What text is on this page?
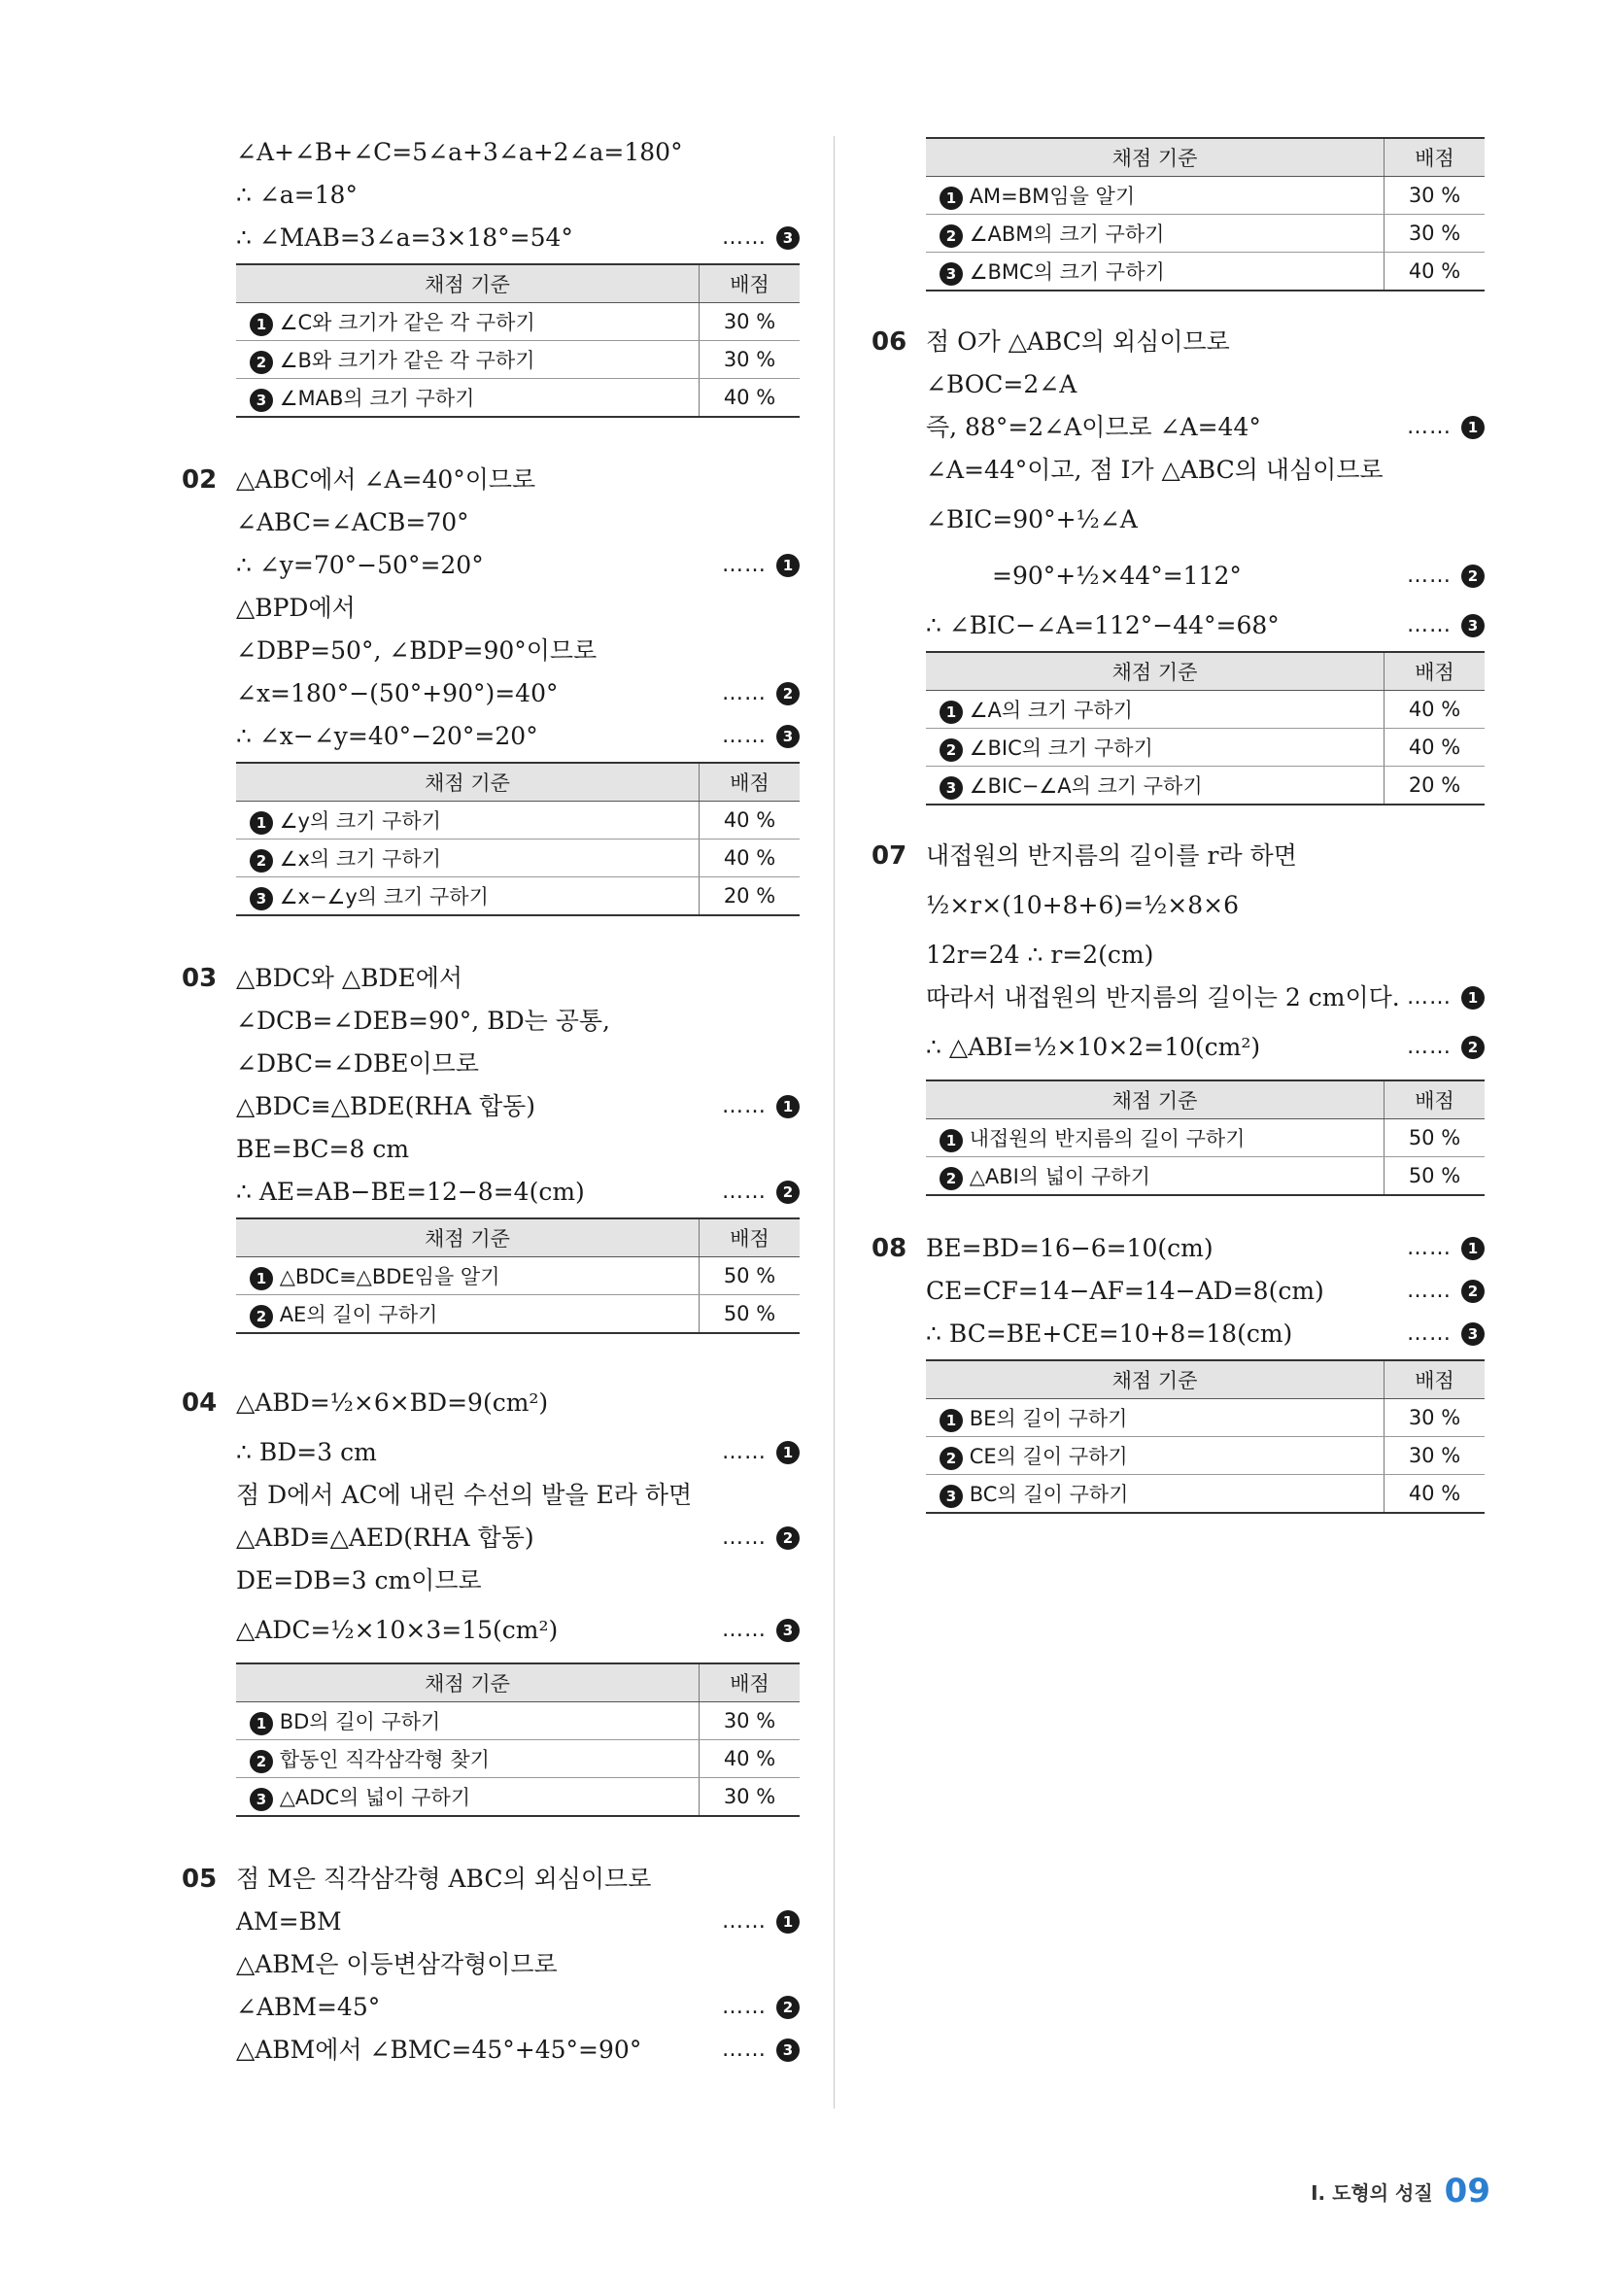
∠A+∠B+∠C=5∠a+3∠a+2∠a=180°
∴ ∠a=18°
∴ ∠MAB=3∠a=3×18°=54°	……	3
채점 기준	배점
1 ∠C와 크기가 같은 각 구하기	30 %
2 ∠B와 크기가 같은 각 구하기	30 %
3 ∠MAB의 크기 구하기	40 %
02 △ABC에서 ∠A=40°이므로
∠ABC=∠ACB=70°
∴ ∠y=70°−50°=20°	……	1
△BPD에서
∠DBP=50°, ∠BDP=90°이므로
∠x=180°−(50°+90°)=40°	……	2
∴ ∠x−∠y=40°−20°=20°	……	3
채점 기준	배점
1 ∠y의 크기 구하기	40 %
2 ∠x의 크기 구하기	40 %
3 ∠x−∠y의 크기 구하기	20 %
03 △BDC와 △BDE에서
∠DCB=∠DEB=90°, BD는 공통,
∠DBC=∠DBE이므로
△BDC≡△BDE(RHA 합동)	……	1
BE=BC=8 cm
∴ AE=AB−BE=12−8=4(cm)	……	2
채점 기준	배점
1 △BDC≡△BDE임을 알기	50 %
2 AE의 길이 구하기	50 %
04 △ABD=½×6×BD=9(cm²)
∴ BD=3 cm	……	1
점 D에서 AC에 내린 수선의 발을 E라 하면
△ABD≡△AED(RHA 합동)	……	2
DE=DB=3 cm이므로
△ADC=½×10×3=15(cm²)	……	3
채점 기준	배점
1 BD의 길이 구하기	30 %
2 합동인 직각삼각형 찾기	40 %
3 △ADC의 넓이 구하기	30 %
05 점 M은 직각삼각형 ABC의 외심이므로
AM=BM	……	1
△ABM은 이등변삼각형이므로
∠ABM=45°	……	2
△ABM에서 ∠BMC=45°+45°=90°	……	3
채점 기준	배점
1 AM=BM임을 알기	30 %
2 ∠ABM의 크기 구하기	30 %
3 ∠BMC의 크기 구하기	40 %
06 점 O가 △ABC의 외심이므로
∠BOC=2∠A
즉, 88°=2∠A이므로 ∠A=44°	……	1
∠A=44°이고, 점 I가 △ABC의 내심이므로
∠BIC=90°+½∠A
=90°+½×44°=112°	……	2
∴ ∠BIC−∠A=112°−44°=68°	……	3
채점 기준	배점
1 ∠A의 크기 구하기	40 %
2 ∠BIC의 크기 구하기	40 %
3 ∠BIC−∠A의 크기 구하기	20 %
07 내접원의 반지름의 길이를 r라 하면
½×r×(10+8+6)=½×8×6
12r=24 ∴ r=2(cm)
따라서 내접원의 반지름의 길이는 2 cm이다. ……	1
∴ △ABI=½×10×2=10(cm²)	……	2
채점 기준	배점
1 내접원의 반지름의 길이 구하기	50 %
2 △ABI의 넓이 구하기	50 %
08 BE=BD=16−6=10(cm)	……	1
CE=CF=14−AF=14−AD=8(cm)	……	2
∴ BC=BE+CE=10+8=18(cm)	……	3
채점 기준	배점
1 BE의 길이 구하기	30 %
2 CE의 길이 구하기	30 %
3 BC의 길이 구하기	40 %
I. 도형의 성질 09
